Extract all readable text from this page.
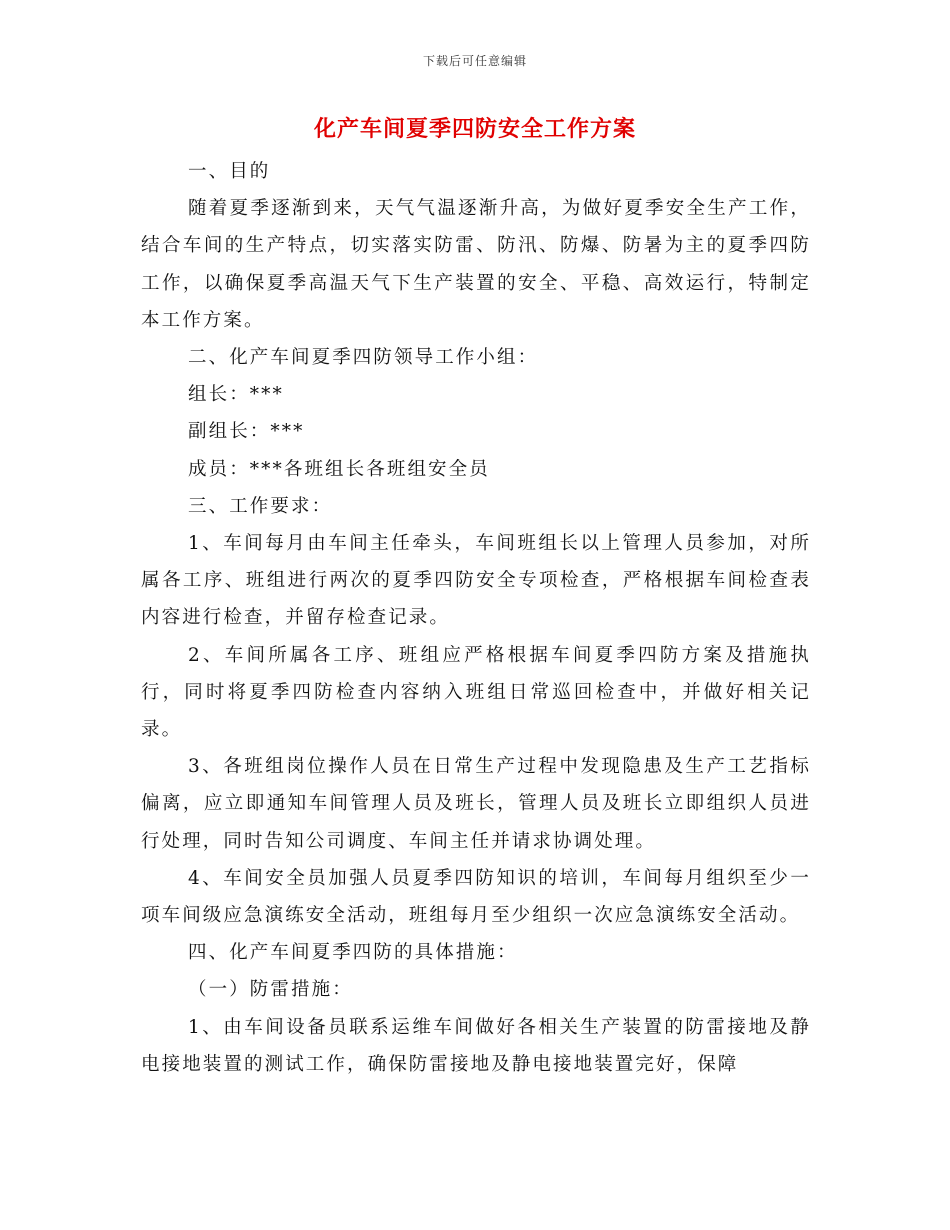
下载后可任意编辑
化产车间夏季四防安全工作方案

一、目的

随着夏季逐渐到来，天气气温逐渐升高，为做好夏季安全生产工作，结合车间的生产特点，切实落实防雷、防汛、防爆、防暑为主的夏季四防工作，以确保夏季高温天气下生产装置的安全、平稳、高效运行，特制定本工作方案。

二、化产车间夏季四防领导工作小组：

组长：***

副组长：***

成员：***各班组长各班组安全员

三、工作要求：

1、车间每月由车间主任牵头，车间班组长以上管理人员参加，对所属各工序、班组进行两次的夏季四防安全专项检查，严格根据车间检查表内容进行检查，并留存检查记录。

2、车间所属各工序、班组应严格根据车间夏季四防方案及措施执行，同时将夏季四防检查内容纳入班组日常巡回检查中，并做好相关记录。

3、各班组岗位操作人员在日常生产过程中发现隐患及生产工艺指标偏离，应立即通知车间管理人员及班长，管理人员及班长立即组织人员进行处理，同时告知公司调度、车间主任并请求协调处理。

4、车间安全员加强人员夏季四防知识的培训，车间每月组织至少一项车间级应急演练安全活动，班组每月至少组织一次应急演练安全活动。

四、化产车间夏季四防的具体措施：

（一）防雷措施：

1、由车间设备员联系运维车间做好各相关生产装置的防雷接地及静电接地装置的测试工作，确保防雷接地及静电接地装置完好，保障
